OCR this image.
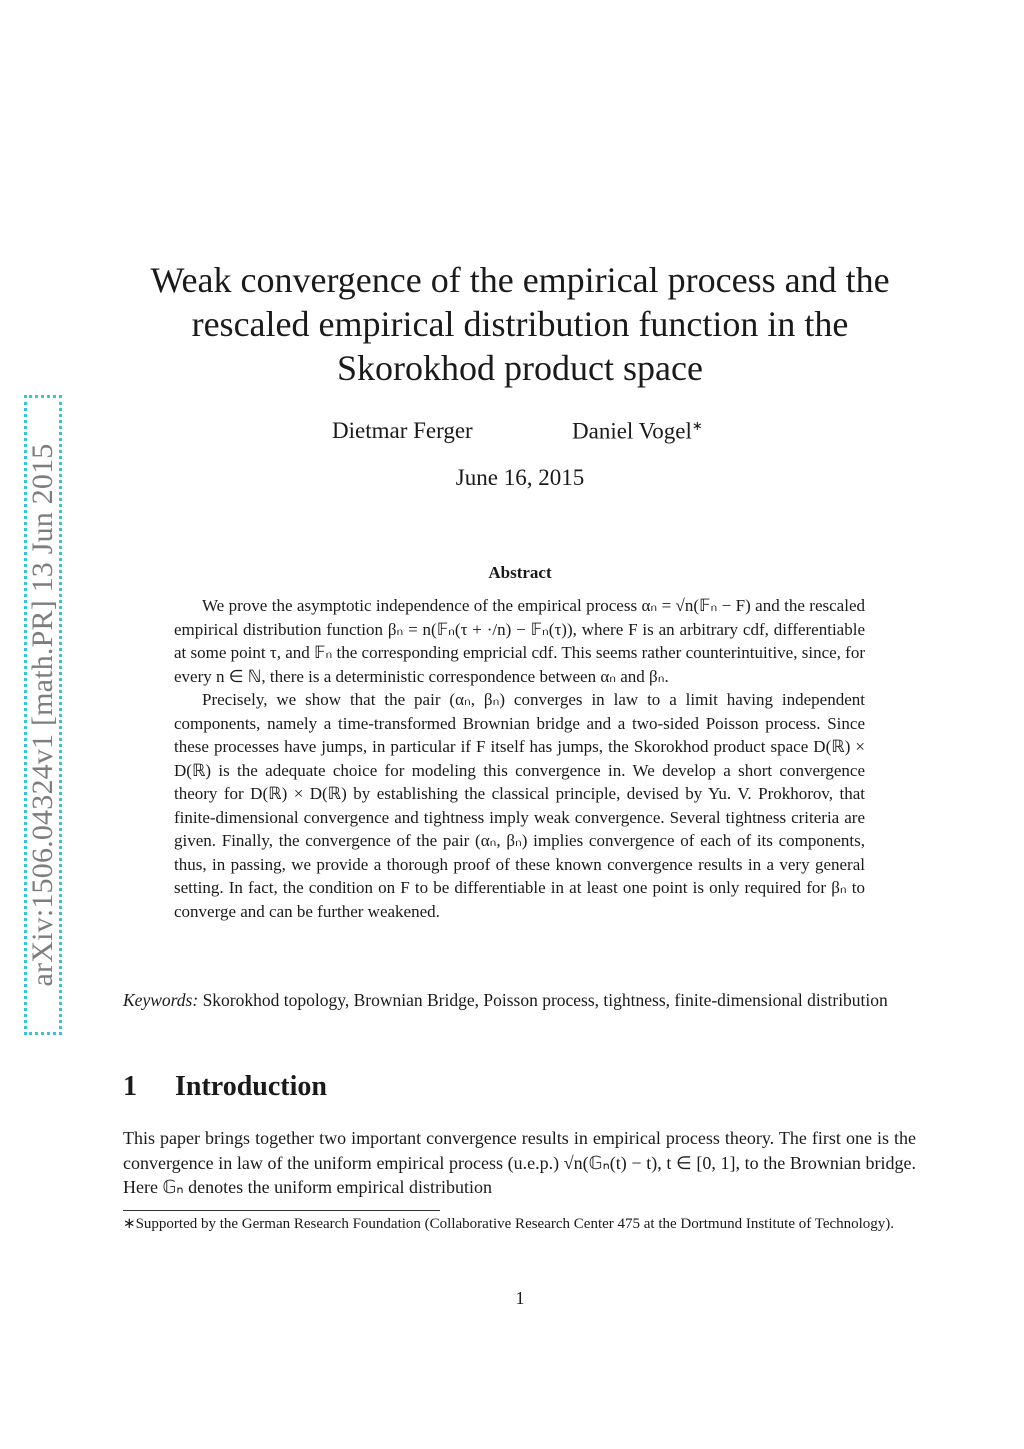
arXiv:1506.04324v1 [math.PR] 13 Jun 2015
Weak convergence of the empirical process and the
rescaled empirical distribution function in the
Skorokhod product space
Dietmar Ferger	Daniel Vogel∗
June 16, 2015
Abstract

We prove the asymptotic independence of the empirical process αₙ = √n(𝔽ₙ − F) and the rescaled empirical distribution function βₙ = n(𝔽ₙ(τ + ·/n) − 𝔽ₙ(τ)), where F is an arbitrary cdf, differentiable at some point τ, and 𝔽ₙ the corresponding empricial cdf. This seems rather counterintuitive, since, for every n ∈ ℕ, there is a deterministic correspondence between αₙ and βₙ.

Precisely, we show that the pair (αₙ, βₙ) converges in law to a limit having independent components, namely a time-transformed Brownian bridge and a two-sided Poisson process. Since these processes have jumps, in particular if F itself has jumps, the Skorokhod product space D(ℝ) × D(ℝ) is the adequate choice for modeling this convergence in. We develop a short convergence theory for D(ℝ) × D(ℝ) by establishing the classical principle, devised by Yu. V. Prokhorov, that finite-dimensional convergence and tightness imply weak convergence. Several tightness criteria are given. Finally, the convergence of the pair (αₙ, βₙ) implies convergence of each of its components, thus, in passing, we provide a thorough proof of these known convergence results in a very general setting. In fact, the condition on F to be differentiable in at least one point is only required for βₙ to converge and can be further weakened.

Keywords: Skorokhod topology, Brownian Bridge, Poisson process, tightness, finite-dimensional distribution

1 Introduction

This paper brings together two important convergence results in empirical process theory. The first one is the convergence in law of the uniform empirical process (u.e.p.) √n(𝔾ₙ(t) − t), t ∈ [0, 1], to the Brownian bridge. Here 𝔾ₙ denotes the uniform empirical distribution

∗Supported by the German Research Foundation (Collaborative Research Center 475 at the Dortmund Institute of Technology).

1
